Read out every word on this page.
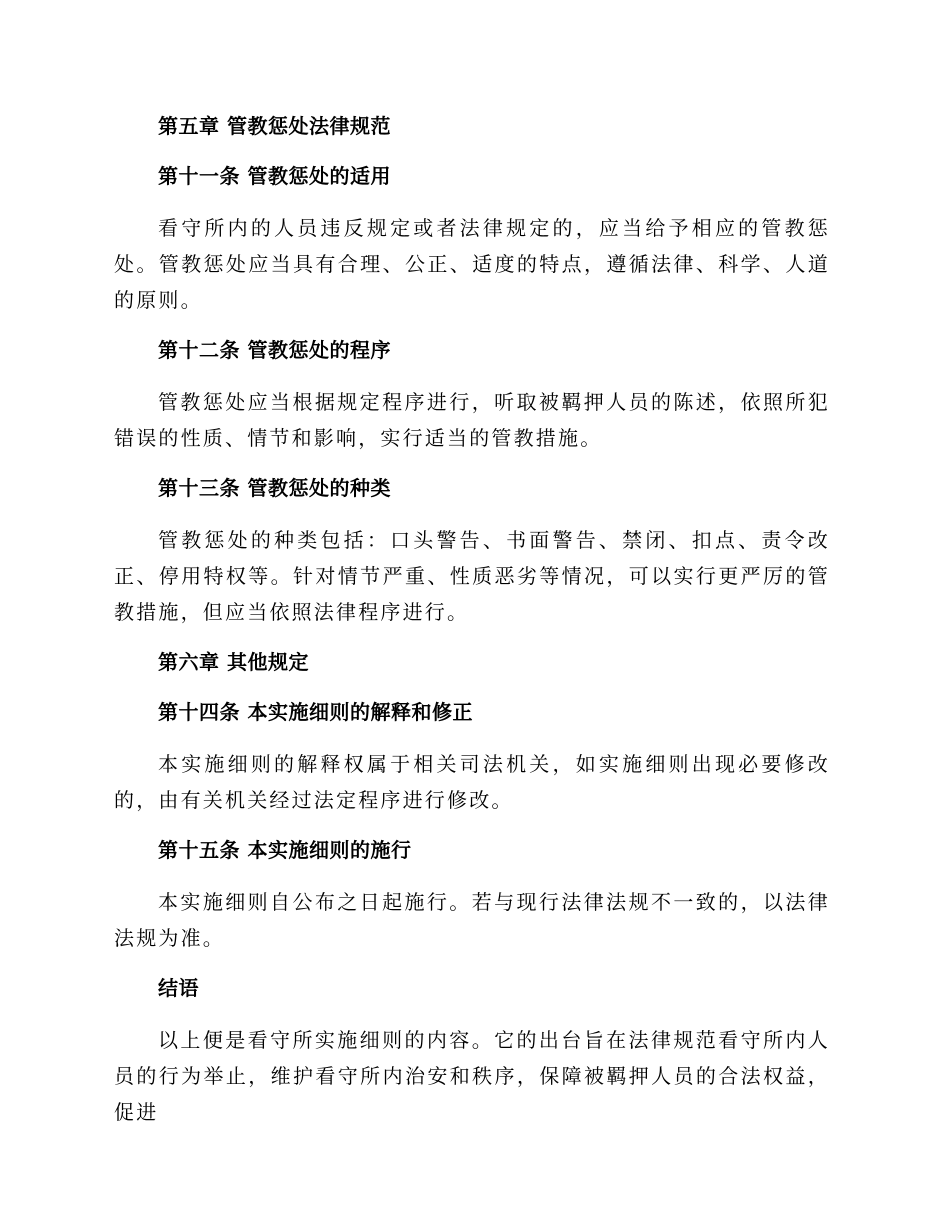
第五章 管教惩处法律规范
第十一条 管教惩处的适用

看守所内的人员违反规定或者法律规定的，应当给予相应的管教惩处。管教惩处应当具有合理、公正、适度的特点，遵循法律、科学、人道的原则。

第十二条 管教惩处的程序

管教惩处应当根据规定程序进行，听取被羁押人员的陈述，依照所犯错误的性质、情节和影响，实行适当的管教措施。

第十三条 管教惩处的种类

管教惩处的种类包括：口头警告、书面警告、禁闭、扣点、责令改正、停用特权等。针对情节严重、性质恶劣等情况，可以实行更严厉的管教措施，但应当依照法律程序进行。

第六章 其他规定
第十四条 本实施细则的解释和修正

本实施细则的解释权属于相关司法机关，如实施细则出现必要修改的，由有关机关经过法定程序进行修改。

第十五条 本实施细则的施行

本实施细则自公布之日起施行。若与现行法律法规不一致的，以法律法规为准。

结语

以上便是看守所实施细则的内容。它的出台旨在法律规范看守所内人员的行为举止，维护看守所内治安和秩序，保障被羁押人员的合法权益，促进
